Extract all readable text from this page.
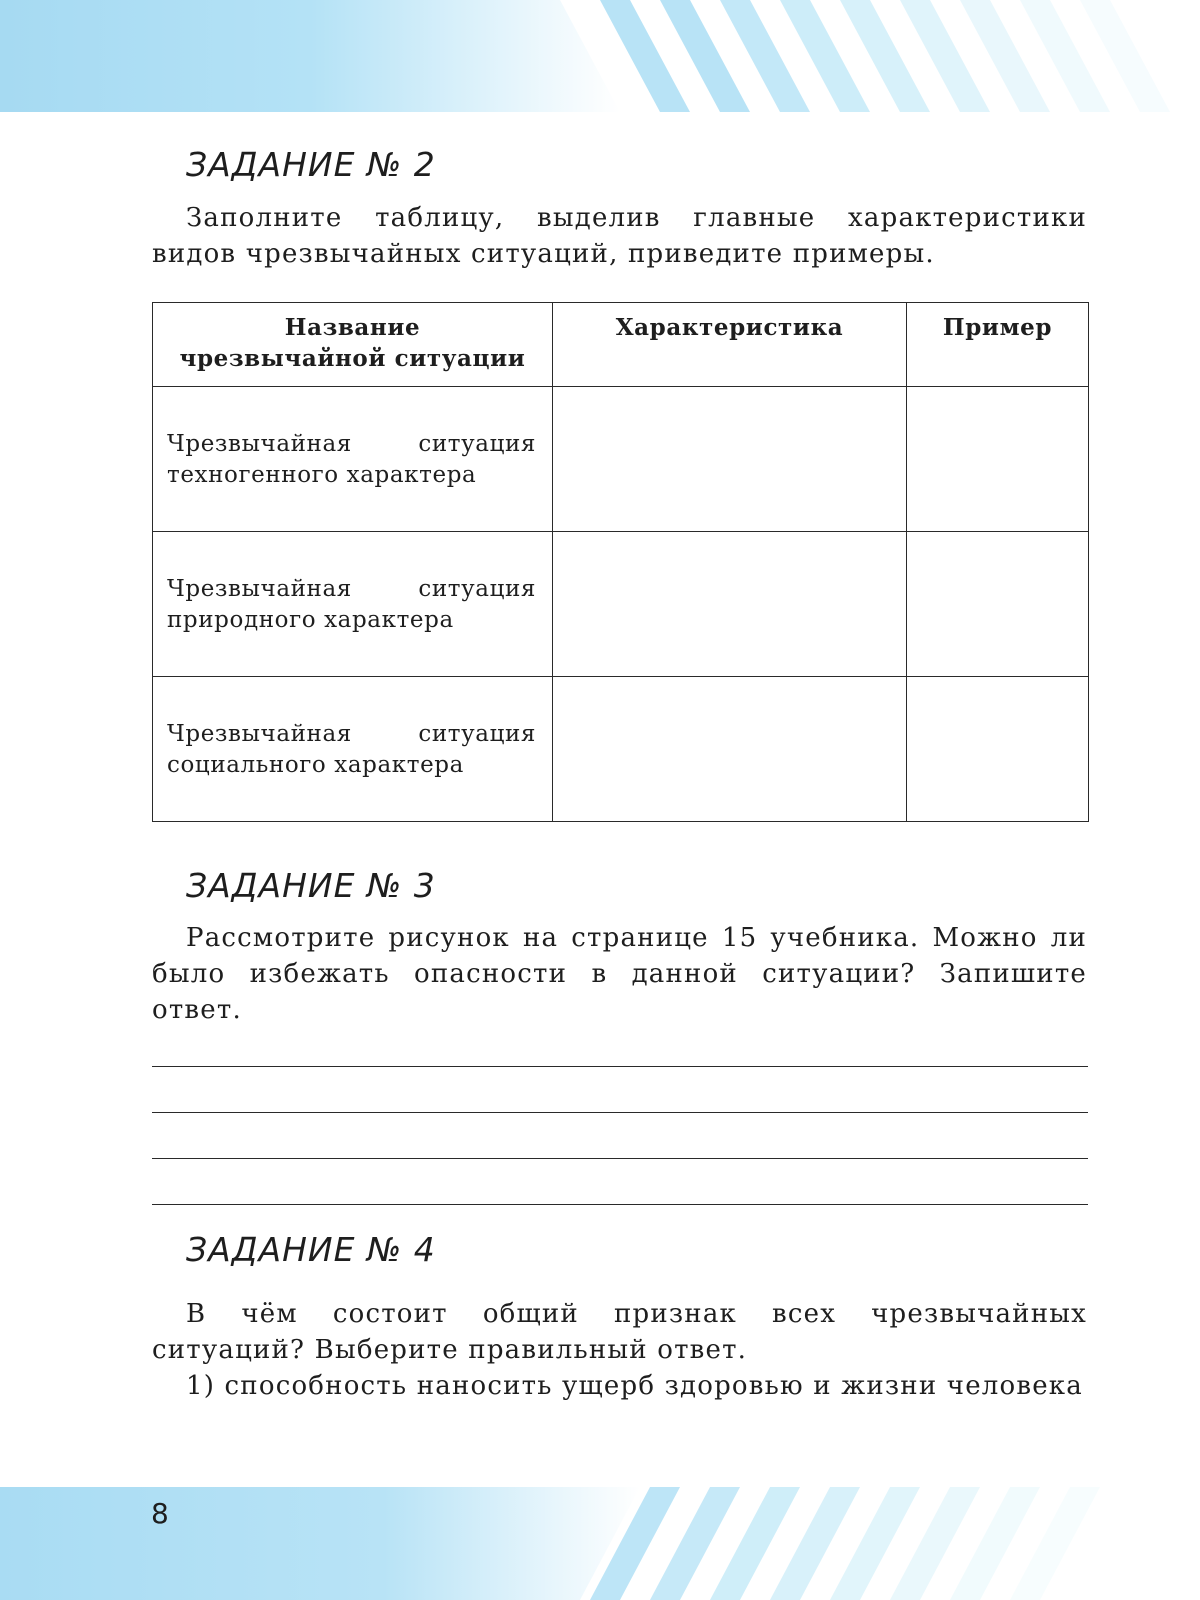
ЗАДАНИЕ № 2

Заполните таблицу, выделив главные характеристики видов чрезвычайных ситуаций, приведите примеры.

Название
чрезвычайной ситуации	Характеристика	Пример

Чрезвычайная ситуация
техногенного характера		

Чрезвычайная ситуация
природного характера		

Чрезвычайная ситуация
социального характера		

ЗАДАНИЕ № 3

Рассмотрите рисунок на странице 15 учебника. Можно ли было избежать опасности в данной ситуации? Запишите ответ.

ЗАДАНИЕ № 4

В чём состоит общий признак всех чрезвычайных ситуаций? Выберите правильный ответ.

1) способность наносить ущерб здоровью и жизни человека

8
